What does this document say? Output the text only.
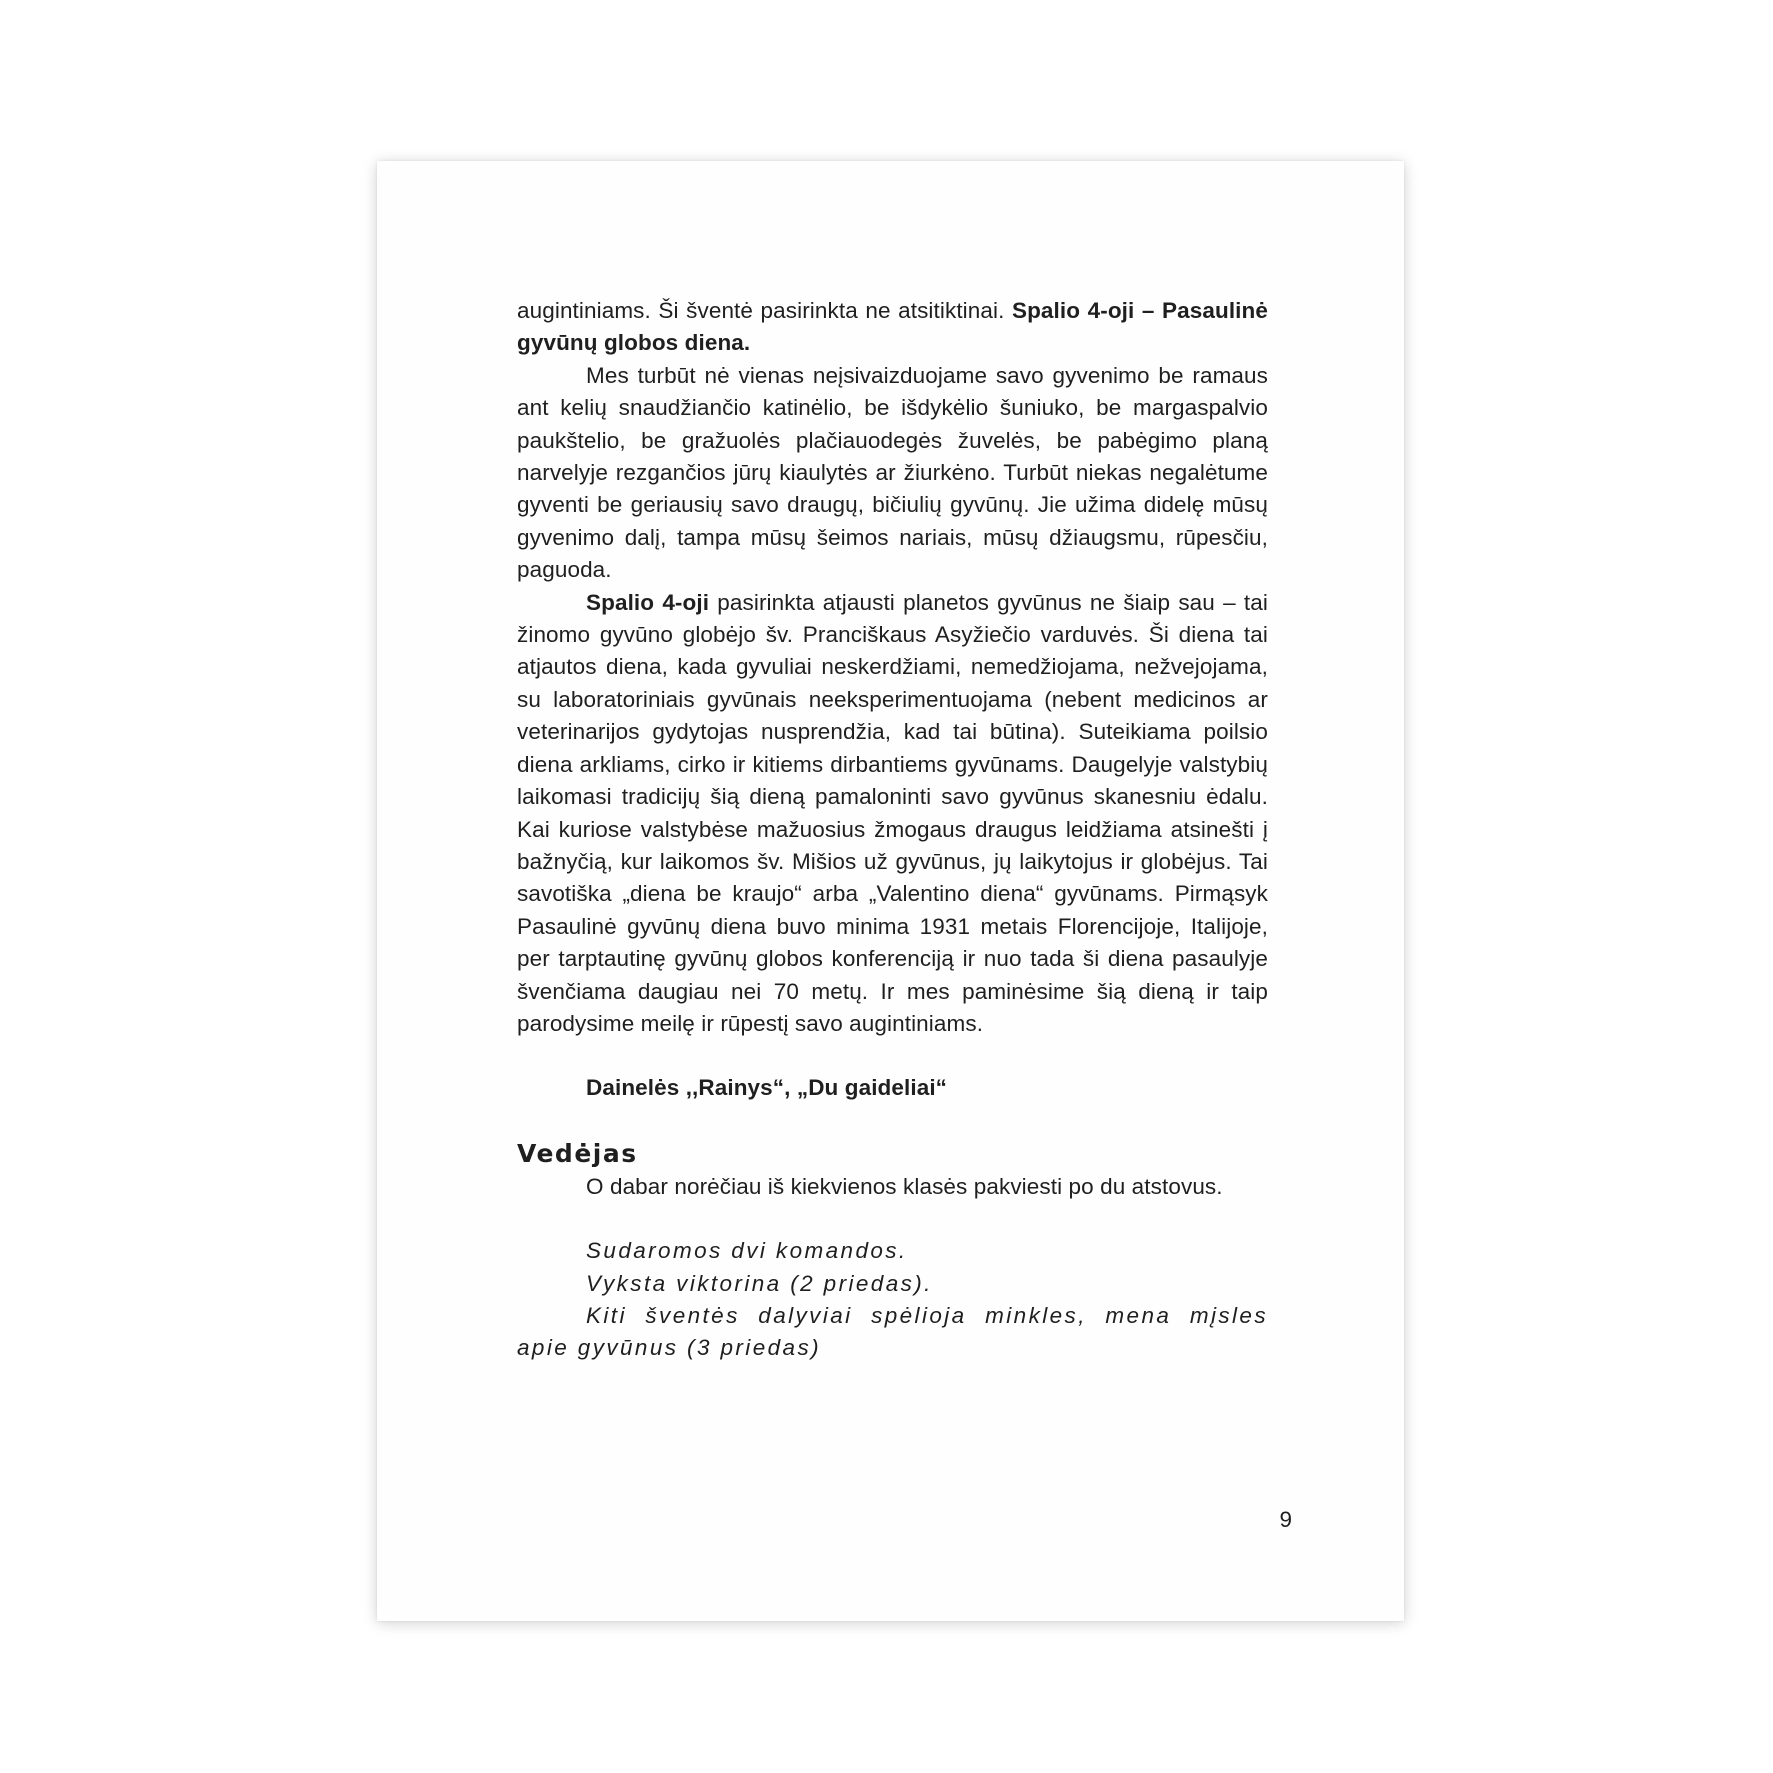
augintiniams. Ši šventė pasirinkta ne atsitiktinai. Spalio 4-oji – Pasaulinė gyvūnų globos diena.

Mes turbūt nė vienas neįsivaizduojame savo gyvenimo be ramaus ant kelių snaudžiančio katinėlio, be išdykėlio šuniuko, be margaspalvio paukštelio, be gražuolės plačiauodegės žuvelės, be pabėgimo planą narvelyje rezgančios jūrų kiaulytės ar žiurkėno. Turbūt niekas negalėtume gyventi be geriausių savo draugų, bičiulių gyvūnų. Jie užima didelę mūsų gyvenimo dalį, tampa mūsų šeimos nariais, mūsų džiaugsmu, rūpesčiu, paguoda.

Spalio 4-oji pasirinkta atjausti planetos gyvūnus ne šiaip sau – tai žinomo gyvūno globėjo šv. Pranciškaus Asyžiečio varduvės. Ši diena tai atjautos diena, kada gyvuliai neskerdžiami, nemedžiojama, nežvejojama, su laboratoriniais gyvūnais neeksperimentuojama (nebent medicinos ar veterinarijos gydytojas nusprendžia, kad tai būtina). Suteikiama poilsio diena arkliams, cirko ir kitiems dirbantiems gyvūnams. Daugelyje valstybių laikomasi tradicijų šią dieną pamaloninti savo gyvūnus skanesniu ėdalu. Kai kuriose valstybėse mažuosius žmogaus draugus leidžiama atsinešti į bažnyčią, kur laikomos šv. Mišios už gyvūnus, jų laikytojus ir globėjus. Tai savotiška „diena be kraujo“ arba „Valentino diena“ gyvūnams. Pirmąsyk Pasaulinė gyvūnų diena buvo minima 1931 metais Florencijoje, Italijoje, per tarptautinę gyvūnų globos konferenciją ir nuo tada ši diena pasaulyje švenčiama daugiau nei 70 metų. Ir mes paminėsime šią dieną ir taip parodysime meilę ir rūpestį savo augintiniams.

Dainelės ,,Rainys“, „Du gaideliai“

Vedėjas

O dabar norėčiau iš kiekvienos klasės pakviesti po du atstovus.

Sudaromos dvi komandos.

Vyksta viktorina (2 priedas).

Kiti šventės dalyviai spėlioja minkles, mena mįsles apie gyvūnus (3 priedas)

9
